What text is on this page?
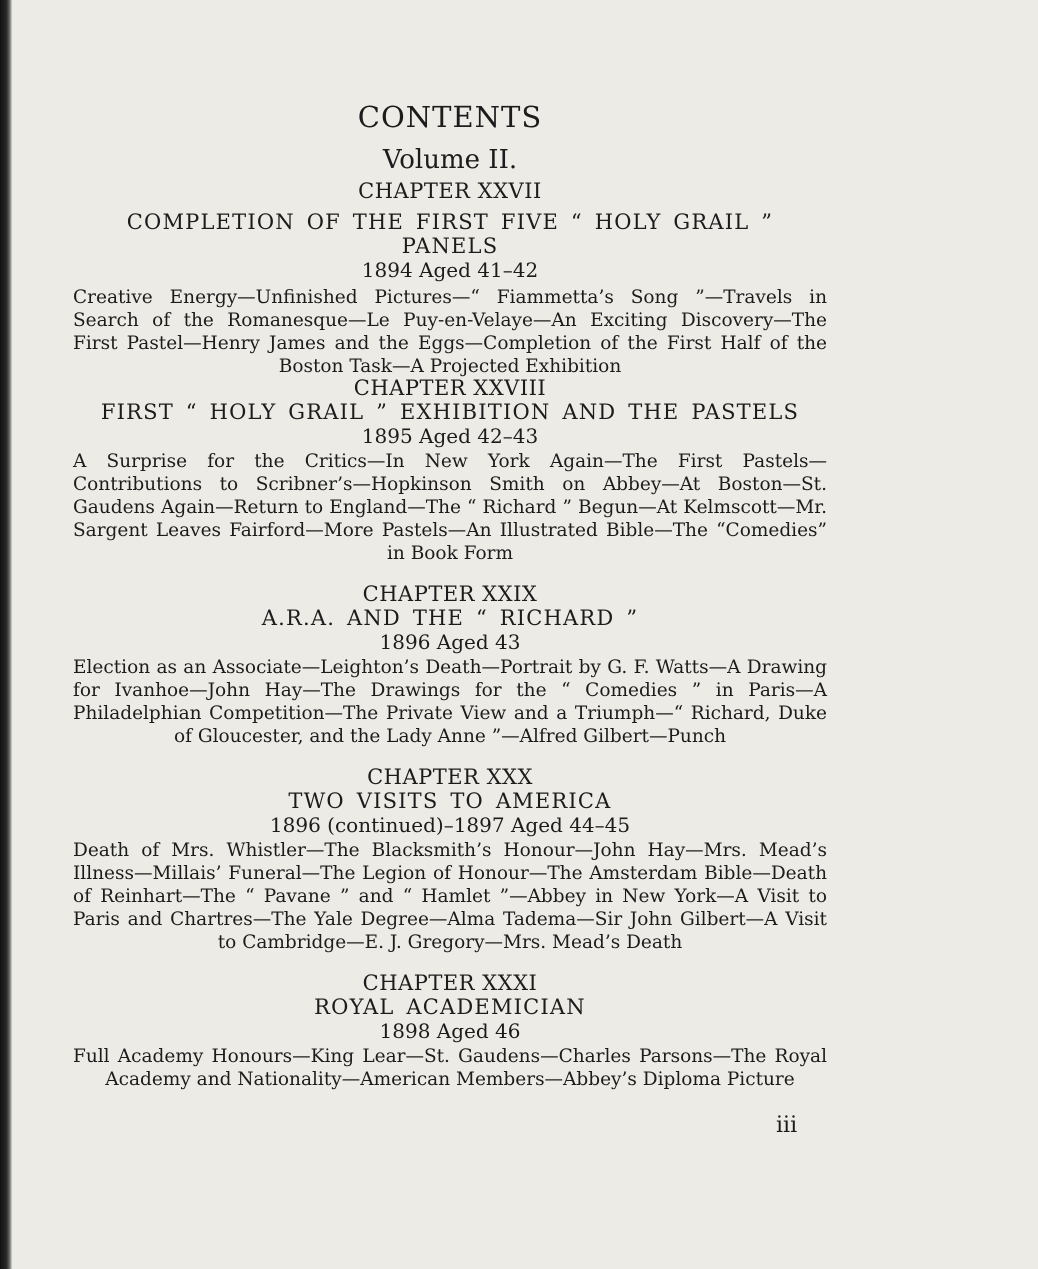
CONTENTS
Volume II.
CHAPTER XXVII
COMPLETION OF THE FIRST FIVE “ HOLY GRAIL ” PANELS
1894 Aged 41–42
Creative Energy—Unfinished Pictures—“ Fiammetta’s Song ”—Travels in Search of the Romanesque—Le Puy-en-Velaye—An Exciting Discovery—The First Pastel—Henry James and the Eggs—Completion of the First Half of the Boston Task—A Projected Exhibition
CHAPTER XXVIII
FIRST “ HOLY GRAIL ” EXHIBITION AND THE PASTELS
1895 Aged 42–43
A Surprise for the Critics—In New York Again—The First Pastels—Contributions to Scribner’s—Hopkinson Smith on Abbey—At Boston—St. Gaudens Again—Return to England—The “ Richard ” Begun—At Kelmscott—Mr. Sargent Leaves Fairford—More Pastels—An Illustrated Bible—The “Comedies” in Book Form
CHAPTER XXIX
A.R.A. AND THE “ RICHARD ”
1896 Aged 43
Election as an Associate—Leighton’s Death—Portrait by G. F. Watts—A Drawing for Ivanhoe—John Hay—The Drawings for the “ Comedies ” in Paris—A Philadelphian Competition—The Private View and a Triumph—“ Richard, Duke of Gloucester, and the Lady Anne ”—Alfred Gilbert—Punch
CHAPTER XXX
TWO VISITS TO AMERICA
1896 (continued)–1897 Aged 44–45
Death of Mrs. Whistler—The Blacksmith’s Honour—John Hay—Mrs. Mead’s Illness—Millais’ Funeral—The Legion of Honour—The Amsterdam Bible—Death of Reinhart—The “ Pavane ” and “ Hamlet ”—Abbey in New York—A Visit to Paris and Chartres—The Yale Degree—Alma Tadema—Sir John Gilbert—A Visit to Cambridge—E. J. Gregory—Mrs. Mead’s Death
CHAPTER XXXI
ROYAL ACADEMICIAN
1898 Aged 46
Full Academy Honours—King Lear—St. Gaudens—Charles Parsons—The Royal Academy and Nationality—American Members—Abbey’s Diploma Picture
iii
